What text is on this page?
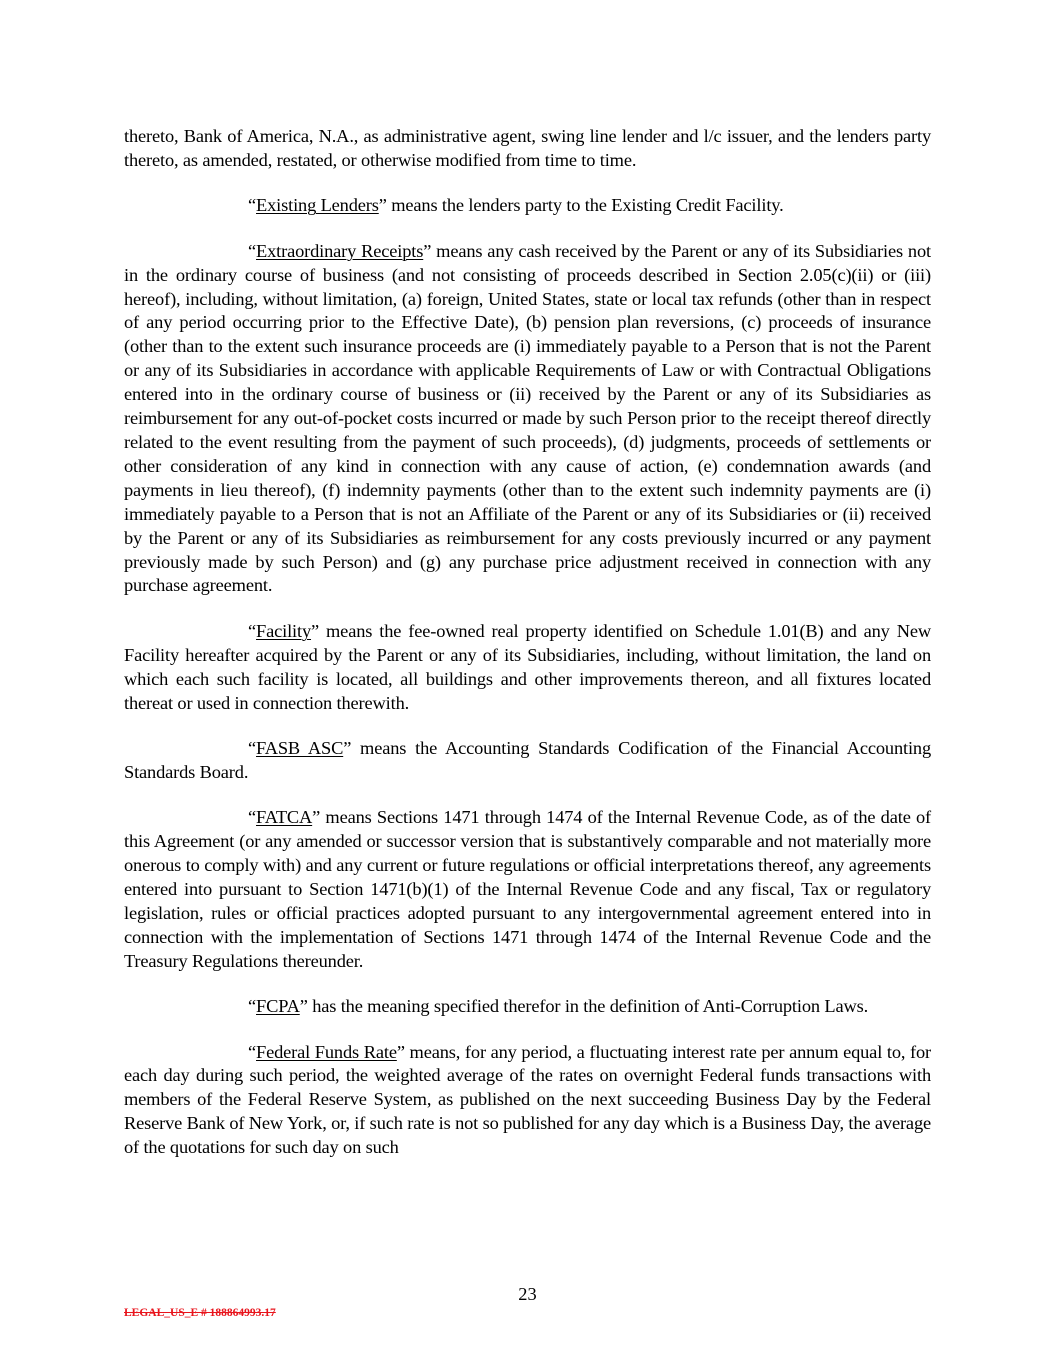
thereto, Bank of America, N.A., as administrative agent, swing line lender and l/c issuer, and the lenders party thereto, as amended, restated, or otherwise modified from time to time.

“Existing Lenders” means the lenders party to the Existing Credit Facility.

“Extraordinary Receipts” means any cash received by the Parent or any of its Subsidiaries not in the ordinary course of business (and not consisting of proceeds described in Section 2.05(c)(ii) or (iii) hereof), including, without limitation, (a) foreign, United States, state or local tax refunds (other than in respect of any period occurring prior to the Effective Date), (b) pension plan reversions, (c) proceeds of insurance (other than to the extent such insurance proceeds are (i) immediately payable to a Person that is not the Parent or any of its Subsidiaries in accordance with applicable Requirements of Law or with Contractual Obligations entered into in the ordinary course of business or (ii) received by the Parent or any of its Subsidiaries as reimbursement for any out-of-pocket costs incurred or made by such Person prior to the receipt thereof directly related to the event resulting from the payment of such proceeds), (d) judgments, proceeds of settlements or other consideration of any kind in connection with any cause of action, (e) condemnation awards (and payments in lieu thereof), (f) indemnity payments (other than to the extent such indemnity payments are (i) immediately payable to a Person that is not an Affiliate of the Parent or any of its Subsidiaries or (ii) received by the Parent or any of its Subsidiaries as reimbursement for any costs previously incurred or any payment previously made by such Person) and (g) any purchase price adjustment received in connection with any purchase agreement.

“Facility” means the fee-owned real property identified on Schedule 1.01(B) and any New Facility hereafter acquired by the Parent or any of its Subsidiaries, including, without limitation, the land on which each such facility is located, all buildings and other improvements thereon, and all fixtures located thereat or used in connection therewith.

“FASB ASC” means the Accounting Standards Codification of the Financial Accounting Standards Board.

“FATCA” means Sections 1471 through 1474 of the Internal Revenue Code, as of the date of this Agreement (or any amended or successor version that is substantively comparable and not materially more onerous to comply with) and any current or future regulations or official interpretations thereof, any agreements entered into pursuant to Section 1471(b)(1) of the Internal Revenue Code and any fiscal, Tax or regulatory legislation, rules or official practices adopted pursuant to any intergovernmental agreement entered into in connection with the implementation of Sections 1471 through 1474 of the Internal Revenue Code and the Treasury Regulations thereunder.

“FCPA” has the meaning specified therefor in the definition of Anti-Corruption Laws.

“Federal Funds Rate” means, for any period, a fluctuating interest rate per annum equal to, for each day during such period, the weighted average of the rates on overnight Federal funds transactions with members of the Federal Reserve System, as published on the next succeeding Business Day by the Federal Reserve Bank of New York, or, if such rate is not so published for any day which is a Business Day, the average of the quotations for such day on such

23
LEGAL_US_E # 188864993.17
